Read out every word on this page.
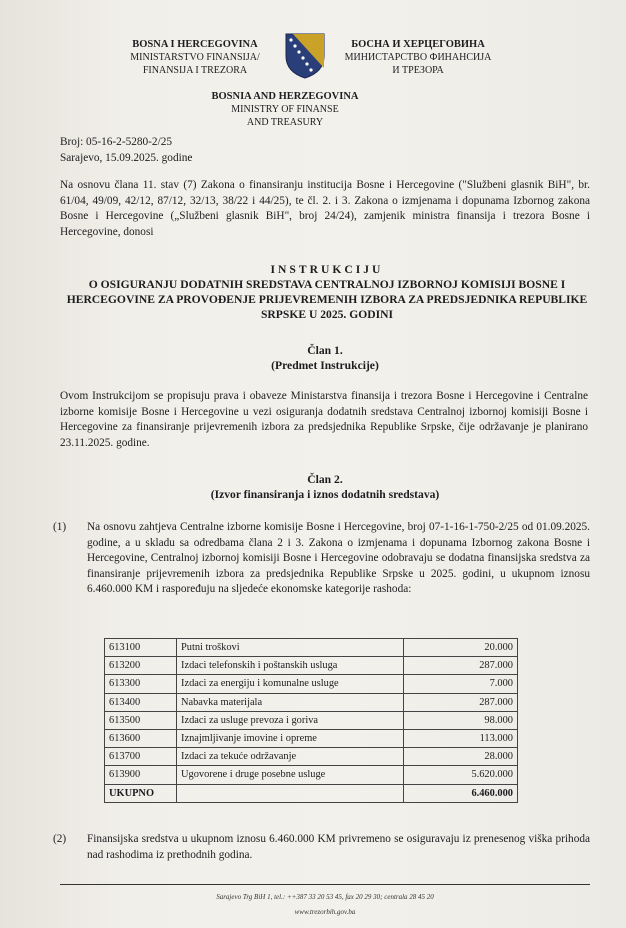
BOSNA I HERCEGOVINA
MINISTARSTVO FINANSIJA/
FINANSIJA I TREZORA
БОСНА И ХЕРЦЕГОВИНА
МИНИСТАРСТВО ФИНАНСИЈА
И ТРЕЗОРА
BOSNIA AND HERZEGOVINA
MINISTRY OF FINANSE
AND TREASURY
Broj: 05-16-2-5280-2/25
Sarajevo, 15.09.2025. godine
Na osnovu člana 11. stav (7) Zakona o finansiranju institucija Bosne i Hercegovine ("Službeni glasnik BiH", br. 61/04, 49/09, 42/12, 87/12, 32/13, 38/22 i 44/25), te čl. 2. i 3. Zakona o izmjenama i dopunama Izbornog zakona Bosne i Hercegovine („Službeni glasnik BiH", broj 24/24), zamjenik ministra finansija i trezora Bosne i Hercegovine, donosi
INSTRUKCIJU
O OSIGURANJU DODATNIH SREDSTAVA CENTRALNOJ IZBORNOJ KOMISIJI BOSNE I HERCEGOVINE ZA PROVOĐENJE PRIJEVREMENIH IZBORA ZA PREDSJEDNIKA REPUBLIKE SRPSKE U 2025. GODINI
Član 1.
(Predmet Instrukcije)
Ovom Instrukcijom se propisuju prava i obaveze Ministarstva finansija i trezora Bosne i Hercegovine i Centralne izborne komisije Bosne i Hercegovine u vezi osiguranja dodatnih sredstava Centralnoj izbornoj komisiji Bosne i Hercegovine za finansiranje prijevremenih izbora za predsjednika Republike Srpske, čije održavanje je planirano 23.11.2025. godine.
Član 2.
(Izvor finansiranja i iznos dodatnih sredstava)
(1)	Na osnovu zahtjeva Centralne izborne komisije Bosne i Hercegovine, broj 07-1-16-1-750-2/25 od 01.09.2025. godine, a u skladu sa odredbama člana 2 i 3. Zakona o izmjenama i dopunama Izbornog zakona Bosne i Hercegovine, Centralnoj izbornoj komisiji Bosne i Hercegovine odobravaju se dodatna finansijska sredstva za finansiranje prijevremenih izbora za predsjednika Republike Srpske u 2025. godini, u ukupnom iznosu 6.460.000 KM i raspoređuju na sljedeće ekonomske kategorije rashoda:
613100	Putni troškovi	20.000
613200	Izdaci telefonskih i poštanskih usluga	287.000
613300	Izdaci za energiju i komunalne usluge	7.000
613400	Nabavka materijala	287.000
613500	Izdaci za usluge prevoza i goriva	98.000
613600	Iznajmljivanje imovine i opreme	113.000
613700	Izdaci za tekuće održavanje	28.000
613900	Ugovorene i druge posebne usluge	5.620.000
UKUPNO		6.460.000
(2)	Finansijska sredstva u ukupnom iznosu 6.460.000 KM privremeno se osiguravaju iz prenesenog viška prihoda nad rashodima iz prethodnih godina.
Sarajevo Trg BiH 1, tel.: ++387 33 20 53 45, fax 20 29 30; centrala 28 45 20
www.trezorbih.gov.ba
